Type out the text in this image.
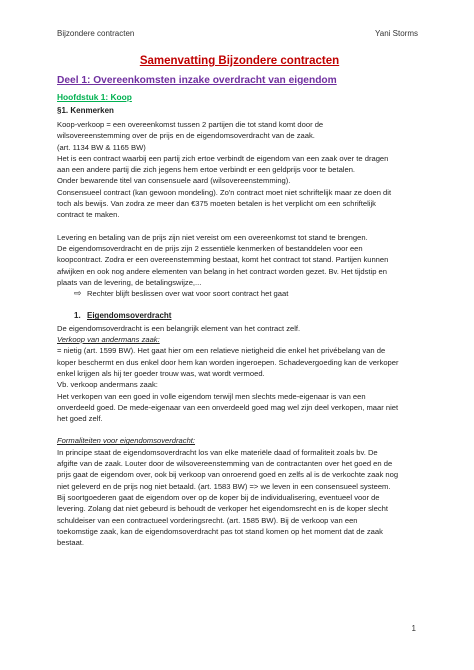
Bijzondere contracten	Yani Storms
Samenvatting Bijzondere contracten
Deel 1: Overeenkomsten inzake overdracht van eigendom
Hoofdstuk 1: Koop
§1. Kenmerken

Koop-verkoop = een overeenkomst tussen 2 partijen die tot stand komt door de

wilsovereenstemming over de prijs en de eigendomsoverdracht van de zaak.

(art. 1134 BW & 1165 BW)

Het is een contract waarbij een partij zich ertoe verbindt de eigendom van een zaak over te dragen

aan een andere partij die zich jegens hem ertoe verbindt er een geldprijs voor te betalen.

Onder bewarende titel van consensuele aard (wilsovereenstemming).

Consensueel contract (kan gewoon mondeling). Zo'n contract moet niet schriftelijk maar ze doen dit

toch als bewijs. Van zodra ze meer dan €375 moeten betalen is het verplicht om een schriftelijk

contract te maken.

Levering en betaling van de prijs zijn niet vereist om een overeenkomst tot stand te brengen.

De eigendomsoverdracht en de prijs zijn 2 essentiële kenmerken of bestanddelen voor een

koopcontract. Zodra er een overeenstemming bestaat, komt het contract tot stand. Partijen kunnen

afwijken en ook nog andere elementen van belang in het contract worden gezet. Bv. Het tijdstip en

plaats van de levering, de betalingswijze,...

⇨ Rechter blijft beslissen over wat voor soort contract het gaat
1. Eigendomsoverdracht

De eigendomsoverdracht is een belangrijk element van het contract zelf.

Verkoop van andermans zaak:

= nietig (art. 1599 BW). Het gaat hier om een relatieve nietigheid die enkel het privébelang van de

koper beschermt en dus enkel door hem kan worden ingeroepen. Schadevergoeding kan de verkoper

enkel krijgen als hij ter goeder trouw was, wat wordt vermoed.

Vb. verkoop andermans zaak:

Het verkopen van een goed in volle eigendom terwijl men slechts mede-eigenaar is van een

onverdeeld goed. De mede-eigenaar van een onverdeeld goed mag wel zijn deel verkopen, maar niet

het goed zelf.

Formaliteiten voor eigendomsoverdracht:

In principe staat de eigendomsoverdracht los van elke materiële daad of formaliteit zoals bv. De

afgifte van de zaak. Louter door de wilsovereenstemming van de contractanten over het goed en de

prijs gaat de eigendom over, ook bij verkoop van onroerend goed en zelfs al is de verkochte zaak nog

niet geleverd en de prijs nog niet betaald. (art. 1583 BW) => we leven in een consensueel systeem.

Bij soortgoederen gaat de eigendom over op de koper bij de individualisering, eventueel voor de

levering. Zolang dat niet gebeurd is behoudt de verkoper het eigendomsrecht en is de koper slecht

schuldeiser van een contractueel vorderingsrecht. (art. 1585 BW). Bij de verkoop van een

toekomstige zaak, kan de eigendomsoverdracht pas tot stand komen op het moment dat de zaak

bestaat.

1
